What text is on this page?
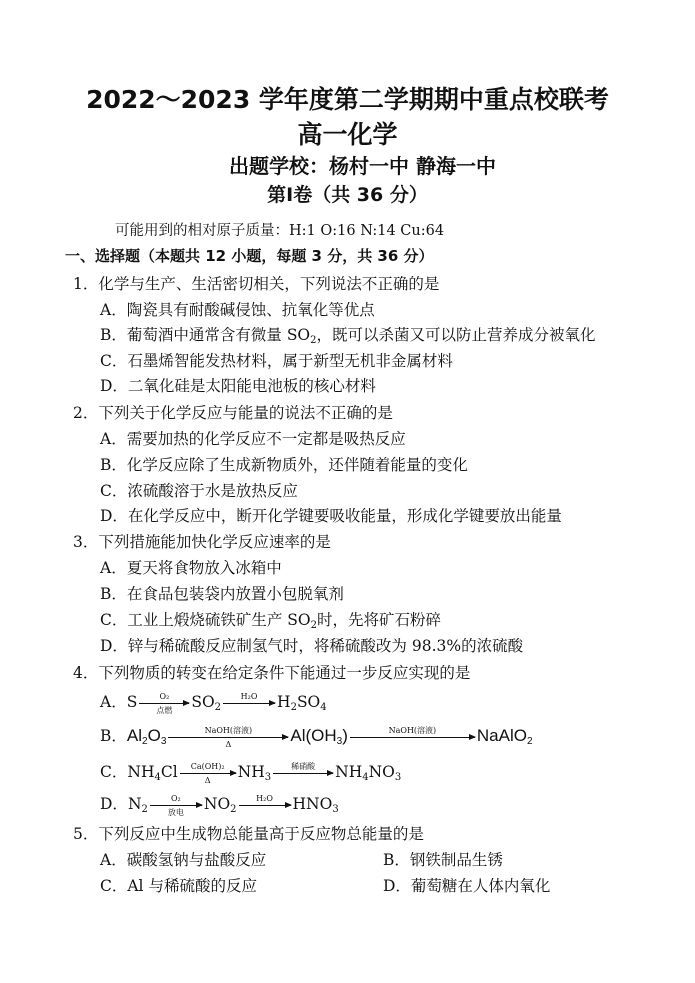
2022～2023 学年度第二学期期中重点校联考
高一化学
出题学校：杨村一中 静海一中
第Ⅰ卷（共 36 分）
可能用到的相对原子质量：H:1 O:16 N:14 Cu:64
一、选择题（本题共 12 小题，每题 3 分，共 36 分）
1．化学与生产、生活密切相关，下列说法不正确的是
A．陶瓷具有耐酸碱侵蚀、抗氧化等优点
B．葡萄酒中通常含有微量 $SO_2$，既可以杀菌又可以防止营养成分被氧化
C．石墨烯智能发热材料，属于新型无机非金属材料
D．二氧化硅是太阳能电池板的核心材料
2．下列关于化学反应与能量的说法不正确的是
A．需要加热的化学反应不一定都是吸热反应
B．化学反应除了生成新物质外，还伴随着能量的变化
C．浓硫酸溶于水是放热反应
D．在化学反应中，断开化学键要吸收能量，形成化学键要放出能量
3．下列措施能加快化学反应速率的是
A．夏天将食物放入冰箱中
B．在食品包装袋内放置小包脱氧剂
C．工业上煅烧硫铁矿生产 $SO_2$时，先将矿石粉碎
D．锌与稀硫酸反应制氢气时，将稀硫酸改为 98.3%的浓硫酸
4．下列物质的转变在给定条件下能通过一步反应实现的是
A．S	O₂
点燃	$SO_2$
H₂O	$H_2SO_4$
B．$Al_2O_3$
NaOH(溶液)
Δ	$Al(OH_3)$	NaOH(溶液)	NaAlO$_2$
C．$NH_4Cl \frac{\text{Ca(OH)₂}}{\Delta} NH_3$
稀硝酸	$NH_4NO_3$
D．$N_2$
O₂
放电	$NO_2$
H₂O	$HNO_3$
5．下列反应中生成物总能量高于反应物总能量的是
A．碳酸氢钠与盐酸反应	B．钢铁制品生锈
C．Al 与稀硫酸的反应	D．葡萄糖在人体内氧化
